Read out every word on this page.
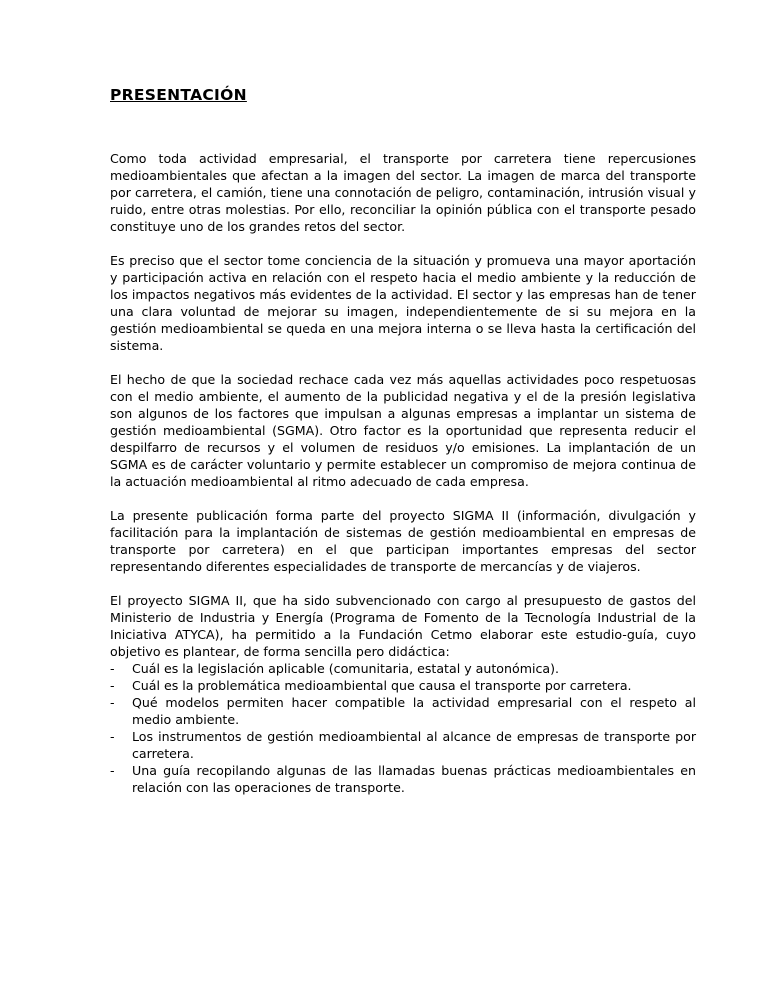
PRESENTACIÓN

Como toda actividad empresarial, el transporte por carretera tiene repercusiones medioambientales que afectan a la imagen del sector. La imagen de marca del transporte por carretera, el camión, tiene una connotación de peligro, contaminación, intrusión visual y ruido, entre otras molestias. Por ello, reconciliar la opinión pública con el transporte pesado constituye uno de los grandes retos del sector.

Es preciso que el sector tome conciencia de la situación y promueva una mayor aportación y participación activa en relación con el respeto hacia el medio ambiente y la reducción de los impactos negativos más evidentes de la actividad. El sector y las empresas han de tener una clara voluntad de mejorar su imagen, independientemente de si su mejora en la gestión medioambiental se queda en una mejora interna o se lleva hasta la certificación del sistema.

El hecho de que la sociedad rechace cada vez más aquellas actividades poco respetuosas con el medio ambiente, el aumento de la publicidad negativa y el de la presión legislativa son algunos de los factores que impulsan a algunas empresas a implantar un sistema de gestión medioambiental (SGMA). Otro factor es la oportunidad que representa reducir el despilfarro de recursos y el volumen de residuos y/o emisiones. La implantación de un SGMA es de carácter voluntario y permite establecer un compromiso de mejora continua de la actuación medioambiental al ritmo adecuado de cada empresa.

La presente publicación forma parte del proyecto SIGMA II (información, divulgación y facilitación para la implantación de sistemas de gestión medioambiental en empresas de transporte por carretera) en el que participan importantes empresas del sector representando diferentes especialidades de transporte de mercancías y de viajeros.

El proyecto SIGMA II, que ha sido subvencionado con cargo al presupuesto de gastos del Ministerio de Industria y Energía (Programa de Fomento de la Tecnología Industrial de la Iniciativa ATYCA), ha permitido a la Fundación Cetmo elaborar este estudio-guía, cuyo objetivo es plantear, de forma sencilla pero didáctica:

- Cuál es la legislación aplicable (comunitaria, estatal y autonómica).
- Cuál es la problemática medioambiental que causa el transporte por carretera.
- Qué modelos permiten hacer compatible la actividad empresarial con el respeto al medio ambiente.
- Los instrumentos de gestión medioambiental al alcance de empresas de transporte por carretera.
- Una guía recopilando algunas de las llamadas buenas prácticas medioambientales en relación con las operaciones de transporte.
